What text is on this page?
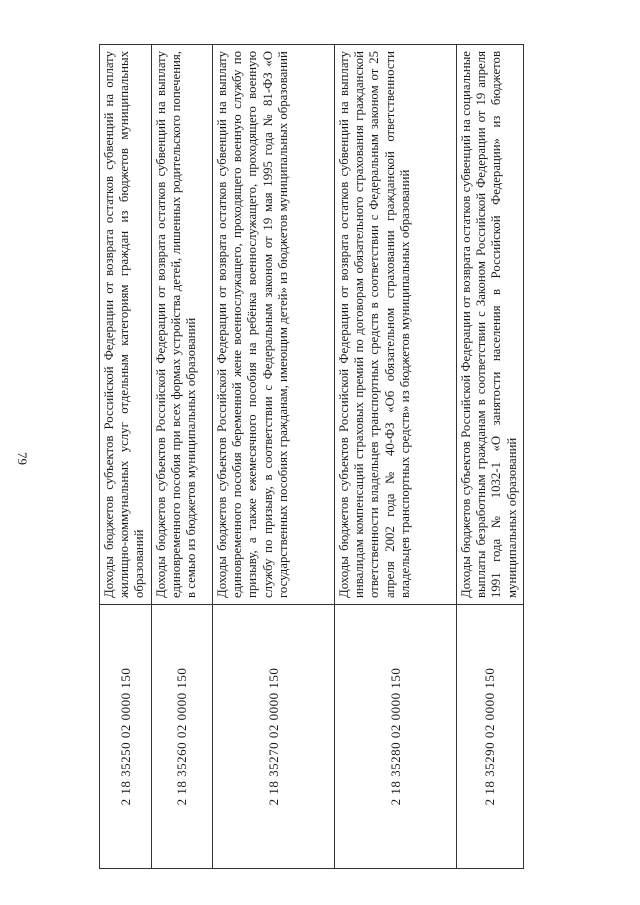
79
2 18 35250 02 0000 150	Доходы бюджетов субъектов Российской Федерации от возврата остатков субвенций на оплату жилищно-коммунальных услуг отдельным категориям граждан из бюджетов муниципальных образований
2 18 35260 02 0000 150	Доходы бюджетов субъектов Российской Федерации от возврата остатков субвенций на выплату единовременного пособия при всех формах устройства детей, лишенных родительского попечения, в семью из бюджетов муниципальных образований
2 18 35270 02 0000 150	Доходы бюджетов субъектов Российской Федерации от возврата остатков субвенций на выплату единовременного пособия беременной жене военнослужащего, проходящего военную службу по призыву, а также ежемесячного пособия на ребёнка военнослужащего, проходящего военную службу по призыву, в соответствии с Федеральным законом от 19 мая 1995 года № 81-ФЗ «О государственных пособиях гражданам, имеющим детей» из бюджетов муниципальных образований
2 18 35280 02 0000 150	Доходы бюджетов субъектов Российской Федерации от возврата остатков субвенций на выплату инвалидам компенсаций страховых премий по договорам обязательного страхования гражданской ответственности владельцев транспортных средств в соответствии с Федеральным законом от 25 апреля 2002 года № 40-ФЗ «Об обязательном страховании гражданской ответственности владельцев транспортных средств» из бюджетов муниципальных образований
2 18 35290 02 0000 150	Доходы бюджетов субъектов Российской Федерации от возврата остатков субвенций на социальные выплаты безработным гражданам в соответствии с Законом Российской Федерации от 19 апреля 1991 года № 1032-1 «О занятости населения в Российской Федерации» из бюджетов муниципальных образований
